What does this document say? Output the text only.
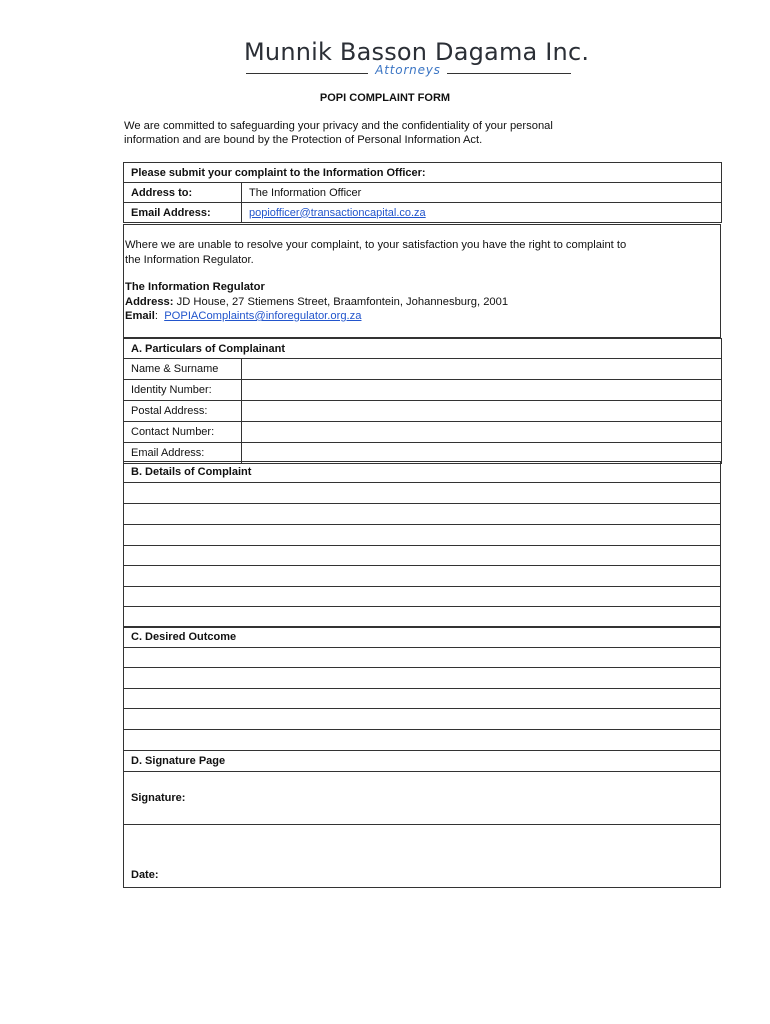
Munnik Basson Dagama Inc.
Attorneys
POPI COMPLAINT FORM
We are committed to safeguarding your privacy and the confidentiality of your personal
information and are bound by the Protection of Personal Information Act.
Please submit your complaint to the Information Officer:	
Address to:	The Information Officer
Email Address:	popiofficer@transactioncapital.co.za

Where we are unable to resolve your complaint, to your satisfaction you have the right to complaint to

the Information Regulator.

The Information Regulator

Address: JD House, 27 Stiemens Street, Braamfontein, Johannesburg, 2001

Email:  POPIAComplaints@inforegulator.org.za

A. Particulars of Complainant	
Name & Surname	
Identity Number:	
Postal Address:	
Contact Number:	
Email Address:	
B. Details of Complaint

C. Desired Outcome

D. Signature Page
Signature:
Date:
